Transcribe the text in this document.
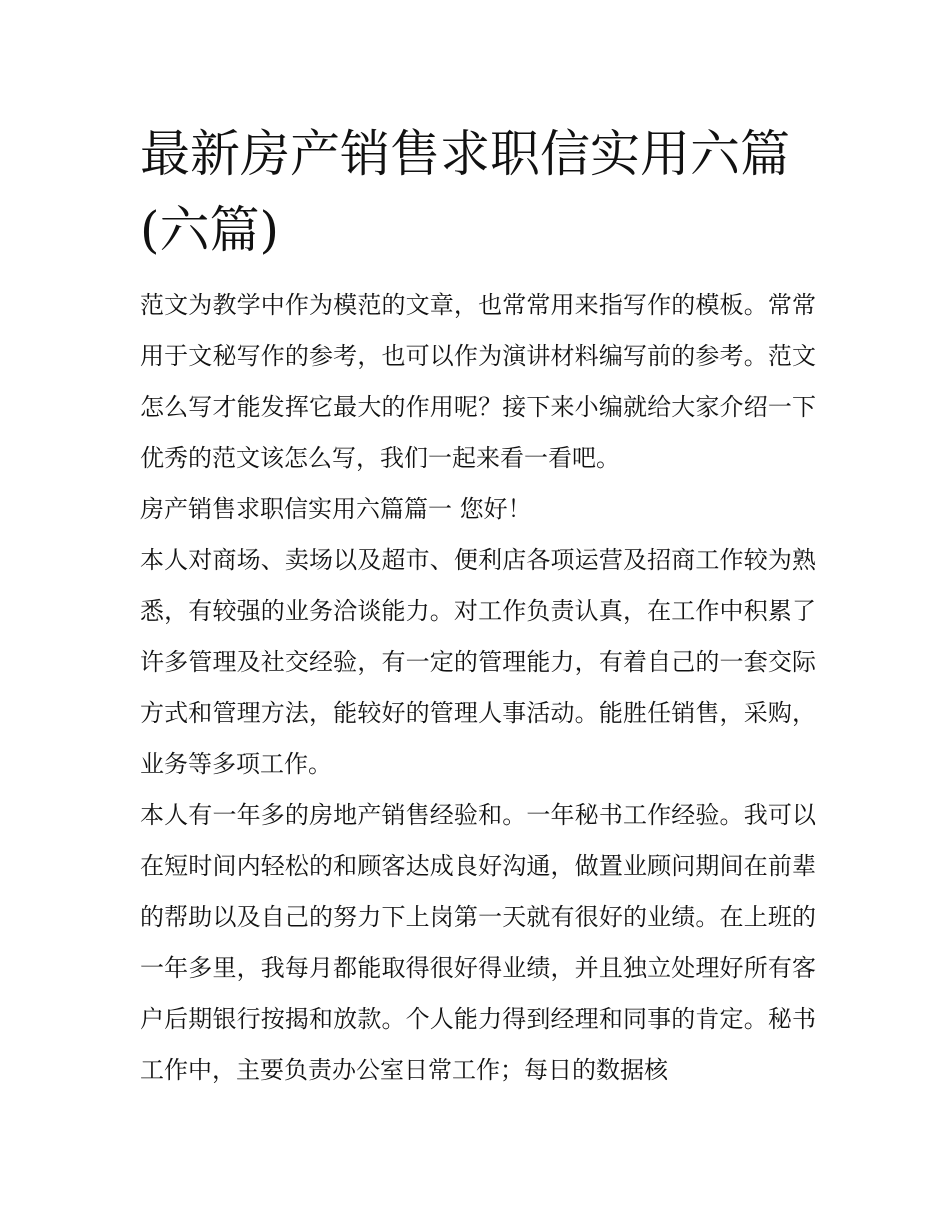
最新房产销售求职信实用六篇(六篇)

范文为教学中作为模范的文章，也常常用来指写作的模板。常常用于文秘写作的参考，也可以作为演讲材料编写前的参考。范文怎么写才能发挥它最大的作用呢？接下来小编就给大家介绍一下优秀的范文该怎么写，我们一起来看一看吧。

房产销售求职信实用六篇篇一 您好！

本人对商场、卖场以及超市、便利店各项运营及招商工作较为熟悉，有较强的业务洽谈能力。对工作负责认真，在工作中积累了许多管理及社交经验，有一定的管理能力，有着自己的一套交际方式和管理方法，能较好的管理人事活动。能胜任销售，采购，业务等多项工作。

本人有一年多的房地产销售经验和。一年秘书工作经验。我可以在短时间内轻松的和顾客达成良好沟通，做置业顾问期间在前辈的帮助以及自己的努力下上岗第一天就有很好的业绩。在上班的一年多里，我每月都能取得很好得业绩，并且独立处理好所有客户后期银行按揭和放款。个人能力得到经理和同事的肯定。秘书工作中，主要负责办公室日常工作；每日的数据核
